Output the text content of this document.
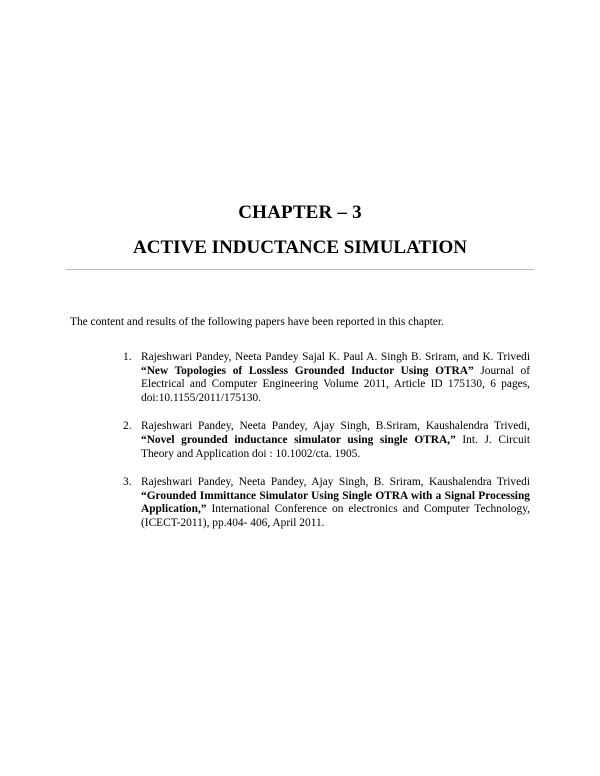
CHAPTER – 3
ACTIVE INDUCTANCE SIMULATION
The content and results of the following papers have been reported in this chapter.
1. Rajeshwari Pandey, Neeta Pandey Sajal K. Paul A. Singh B. Sriram, and K. Trivedi “New Topologies of Lossless Grounded Inductor Using OTRA” Journal of Electrical and Computer Engineering Volume 2011, Article ID 175130, 6 pages, doi:10.1155/2011/175130.
2. Rajeshwari Pandey, Neeta Pandey, Ajay Singh, B.Sriram, Kaushalendra Trivedi, “Novel grounded inductance simulator using single OTRA,” Int. J. Circuit Theory and Application doi : 10.1002/cta. 1905.
3. Rajeshwari Pandey, Neeta Pandey, Ajay Singh, B. Sriram, Kaushalendra Trivedi “Grounded Immittance Simulator Using Single OTRA with a Signal Processing Application,” International Conference on electronics and Computer Technology, (ICECT-2011), pp.404- 406, April 2011.
